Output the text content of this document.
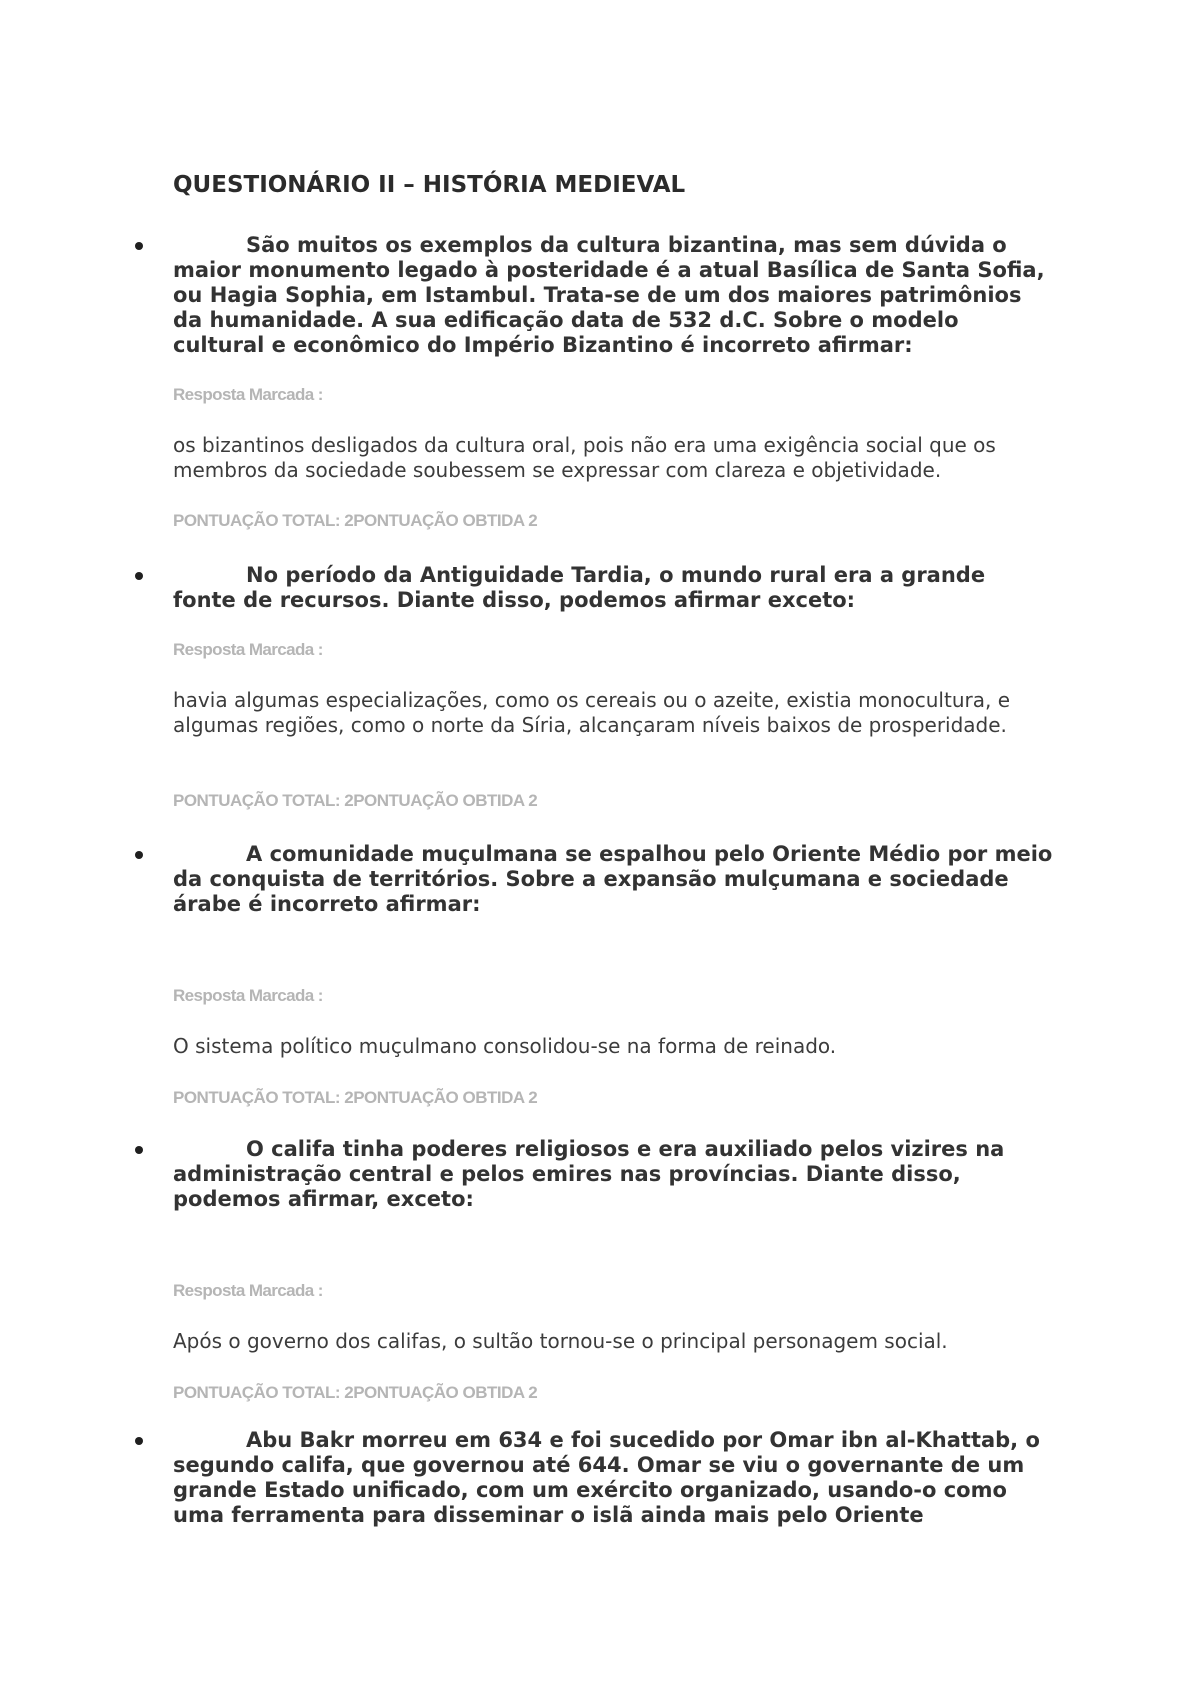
QUESTIONÁRIO II – HISTÓRIA MEDIEVAL

São muitos os exemplos da cultura bizantina, mas sem dúvida o maior monumento legado à posteridade é a atual Basílica de Santa Sofia, ou Hagia Sophia, em Istambul. Trata-se de um dos maiores patrimônios da humanidade. A sua edificação data de 532 d.C. Sobre o modelo cultural e econômico do Império Bizantino é incorreto afirmar:

Resposta Marcada :

os bizantinos desligados da cultura oral, pois não era uma exigência social que os membros da sociedade soubessem se expressar com clareza e objetividade.

PONTUAÇÃO TOTAL: 2PONTUAÇÃO OBTIDA 2

No período da Antiguidade Tardia, o mundo rural era a grande fonte de recursos. Diante disso, podemos afirmar exceto:

Resposta Marcada :

havia algumas especializações, como os cereais ou o azeite, existia monocultura, e algumas regiões, como o norte da Síria, alcançaram níveis baixos de prosperidade.

PONTUAÇÃO TOTAL: 2PONTUAÇÃO OBTIDA 2

A comunidade muçulmana se espalhou pelo Oriente Médio por meio da conquista de territórios. Sobre a expansão mulçumana e sociedade árabe é incorreto afirmar:

Resposta Marcada :

O sistema político muçulmano consolidou-se na forma de reinado.

PONTUAÇÃO TOTAL: 2PONTUAÇÃO OBTIDA 2

O califa tinha poderes religiosos e era auxiliado pelos vizires na administração central e pelos emires nas províncias. Diante disso, podemos afirmar, exceto:

Resposta Marcada :

Após o governo dos califas, o sultão tornou-se o principal personagem social.

PONTUAÇÃO TOTAL: 2PONTUAÇÃO OBTIDA 2

Abu Bakr morreu em 634 e foi sucedido por Omar ibn al-Khattab, o segundo califa, que governou até 644. Omar se viu o governante de um grande Estado unificado, com um exército organizado, usando-o como uma ferramenta para disseminar o islã ainda mais pelo Oriente
